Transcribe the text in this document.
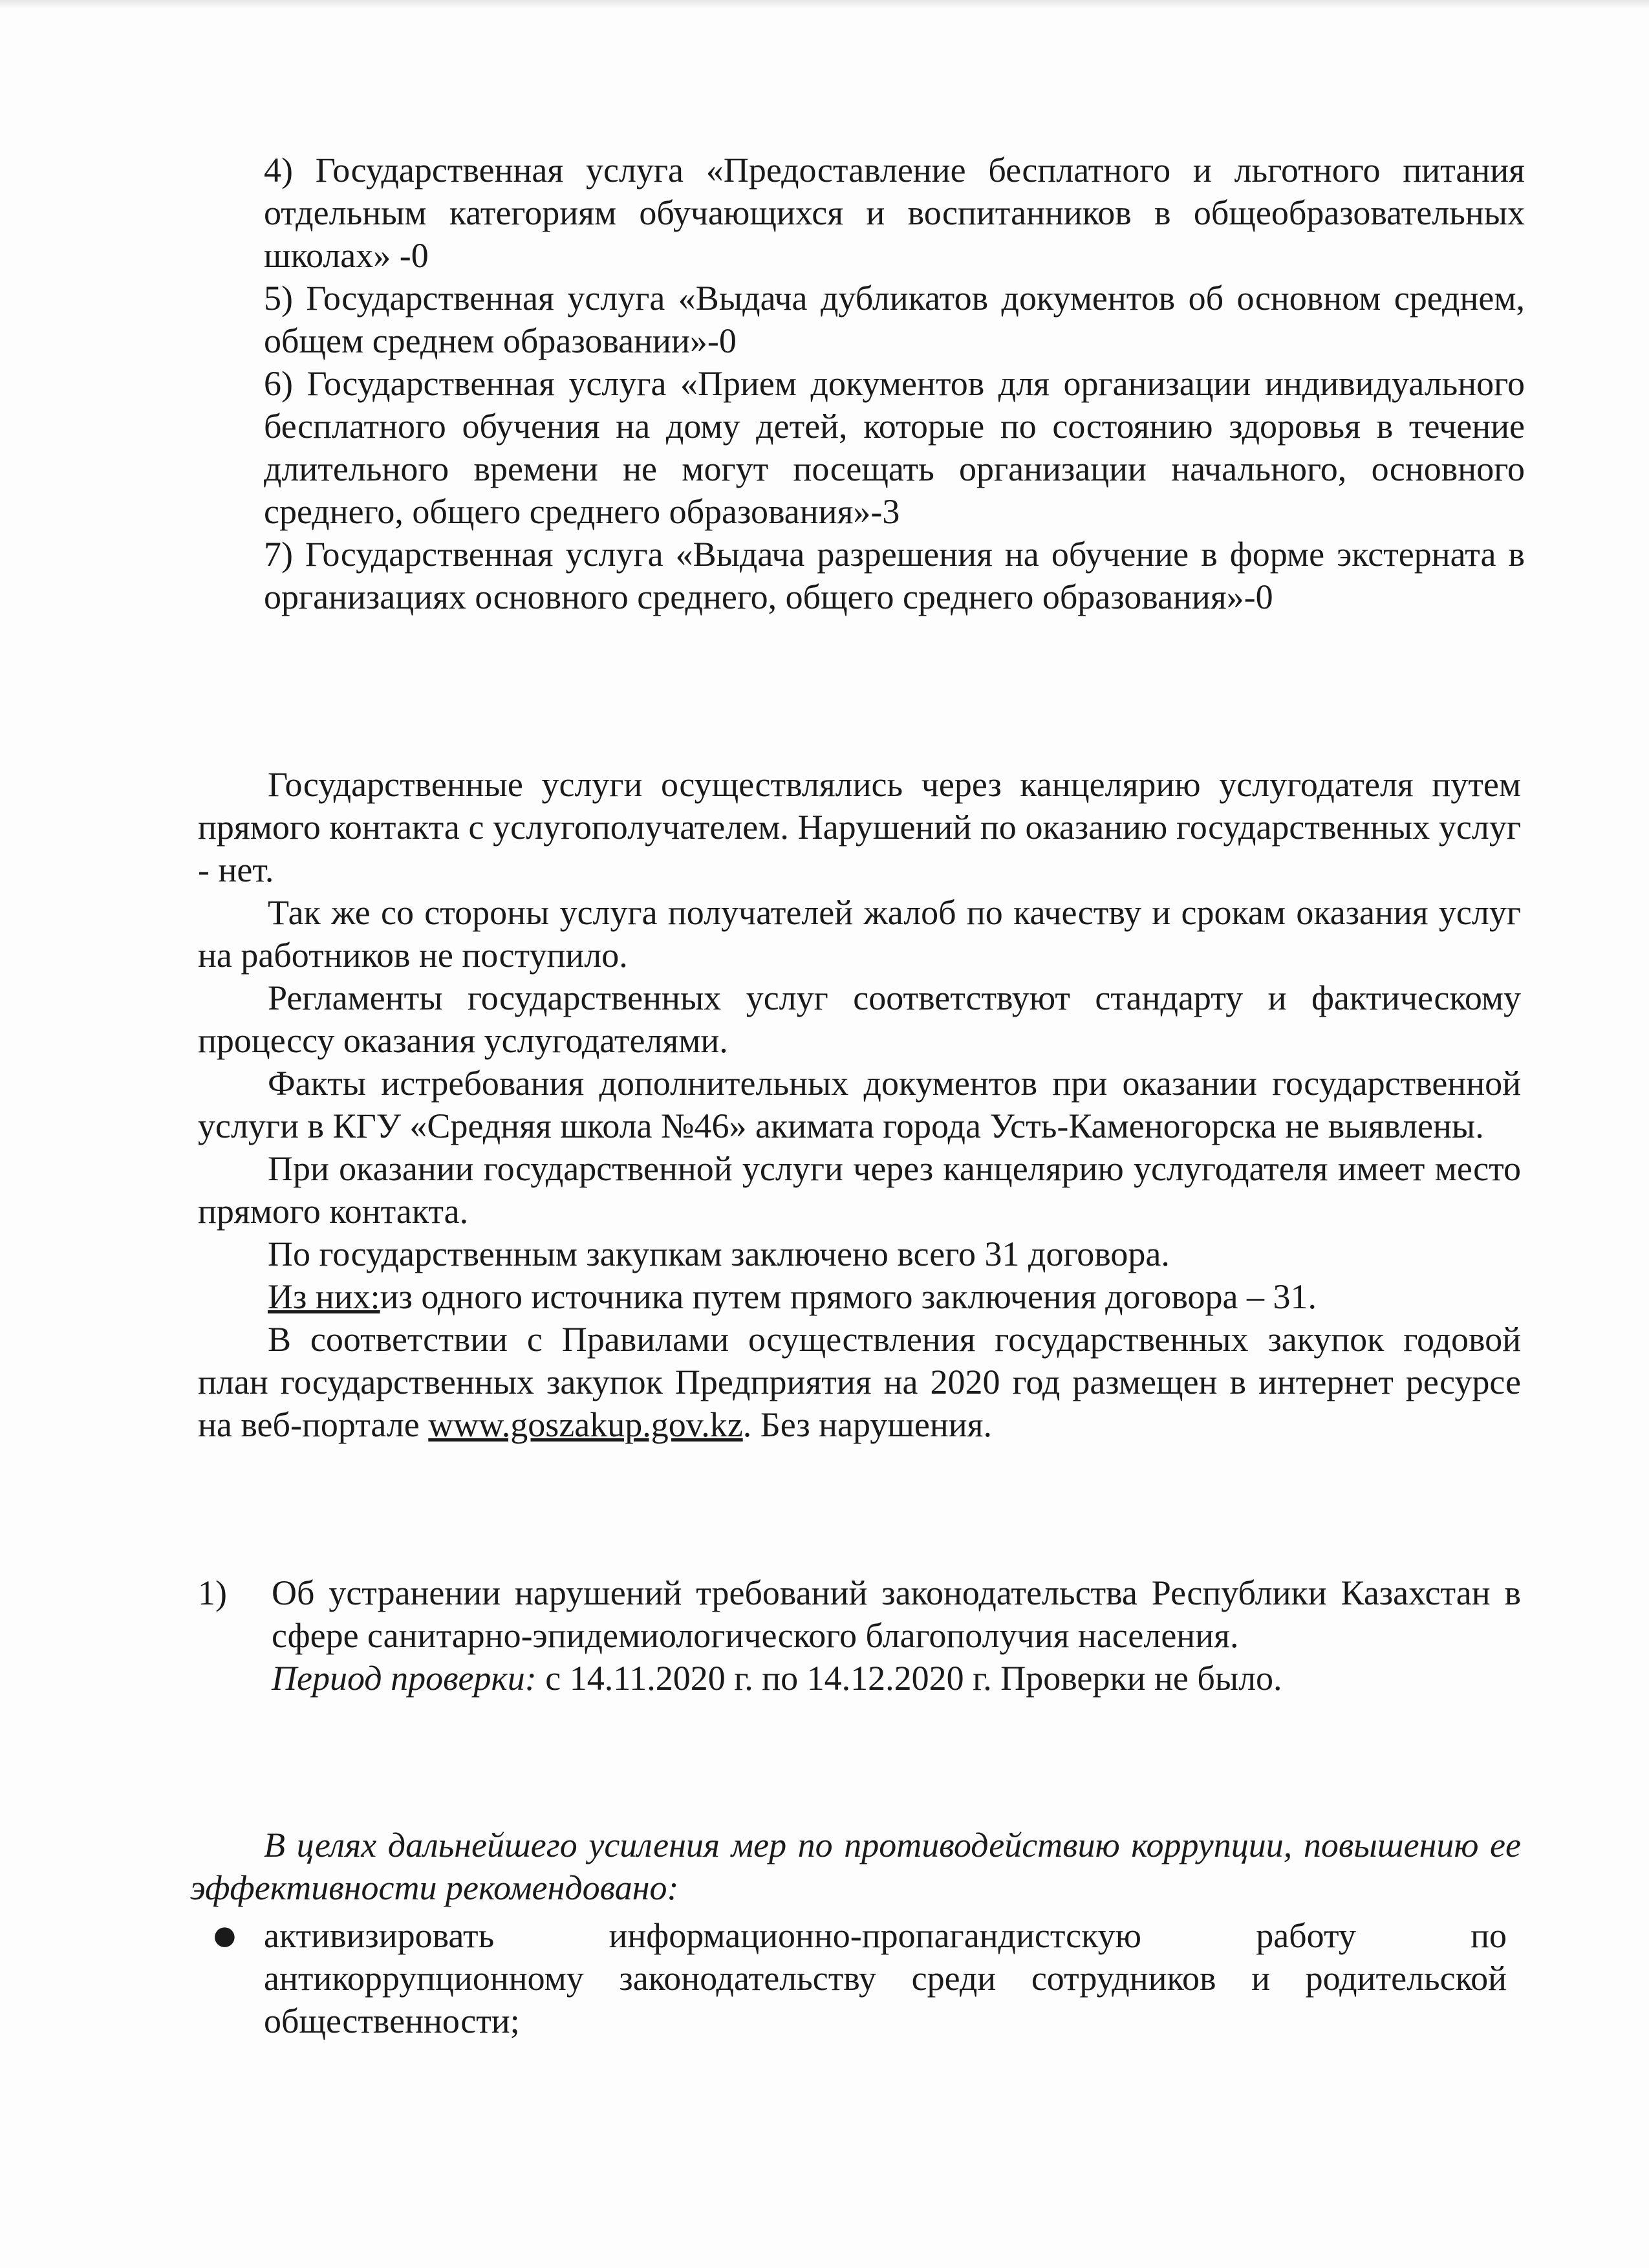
4) Государственная услуга «Предоставление бесплатного и льготного питания отдельным категориям обучающихся и воспитанников в общеобразовательных школах» -0

5) Государственная услуга «Выдача дубликатов документов об основном среднем, общем среднем образовании»-0

6) Государственная услуга «Прием документов для организации индивидуального бесплатного обучения на дому детей, которые по состоянию здоровья в течение длительного времени не могут посещать организации начального, основного среднего, общего среднего образования»-3

7) Государственная услуга «Выдача разрешения на обучение в форме экстерната в организациях основного среднего, общего среднего образования»-0

Государственные услуги осуществлялись через канцелярию услугодателя путем прямого контакта с услугополучателем. Нарушений по оказанию государственных услуг - нет.

Так же со стороны услуга получателей жалоб по качеству и срокам оказания услуг на работников не поступило.

Регламенты государственных услуг соответствуют стандарту и фактическому процессу оказания услугодателями.

Факты истребования дополнительных документов при оказании государственной услуги в КГУ «Средняя школа №46» акимата города Усть-Каменогорска не выявлены.

При оказании государственной услуги через канцелярию услугодателя имеет место прямого контакта.

По государственным закупкам заключено всего 31 договора.

Из них:из одного источника путем прямого заключения договора – 31.

В соответствии с Правилами осуществления государственных закупок годовой план государственных закупок Предприятия на 2020 год размещен в интернет ресурсе на веб-портале www.goszakup.gov.kz. Без нарушения.

1)	Об устранении нарушений требований законодательства Республики Казахстан в сфере санитарно-эпидемиологического благополучия населения.

Период проверки: с 14.11.2020 г. по 14.12.2020 г. Проверки не было.

В целях дальнейшего усиления мер по противодействию коррупции, повышению ее эффективности рекомендовано:

● активизировать информационно-пропагандистскую работу по антикоррупционному законодательству среди сотрудников и родительской общественности;
